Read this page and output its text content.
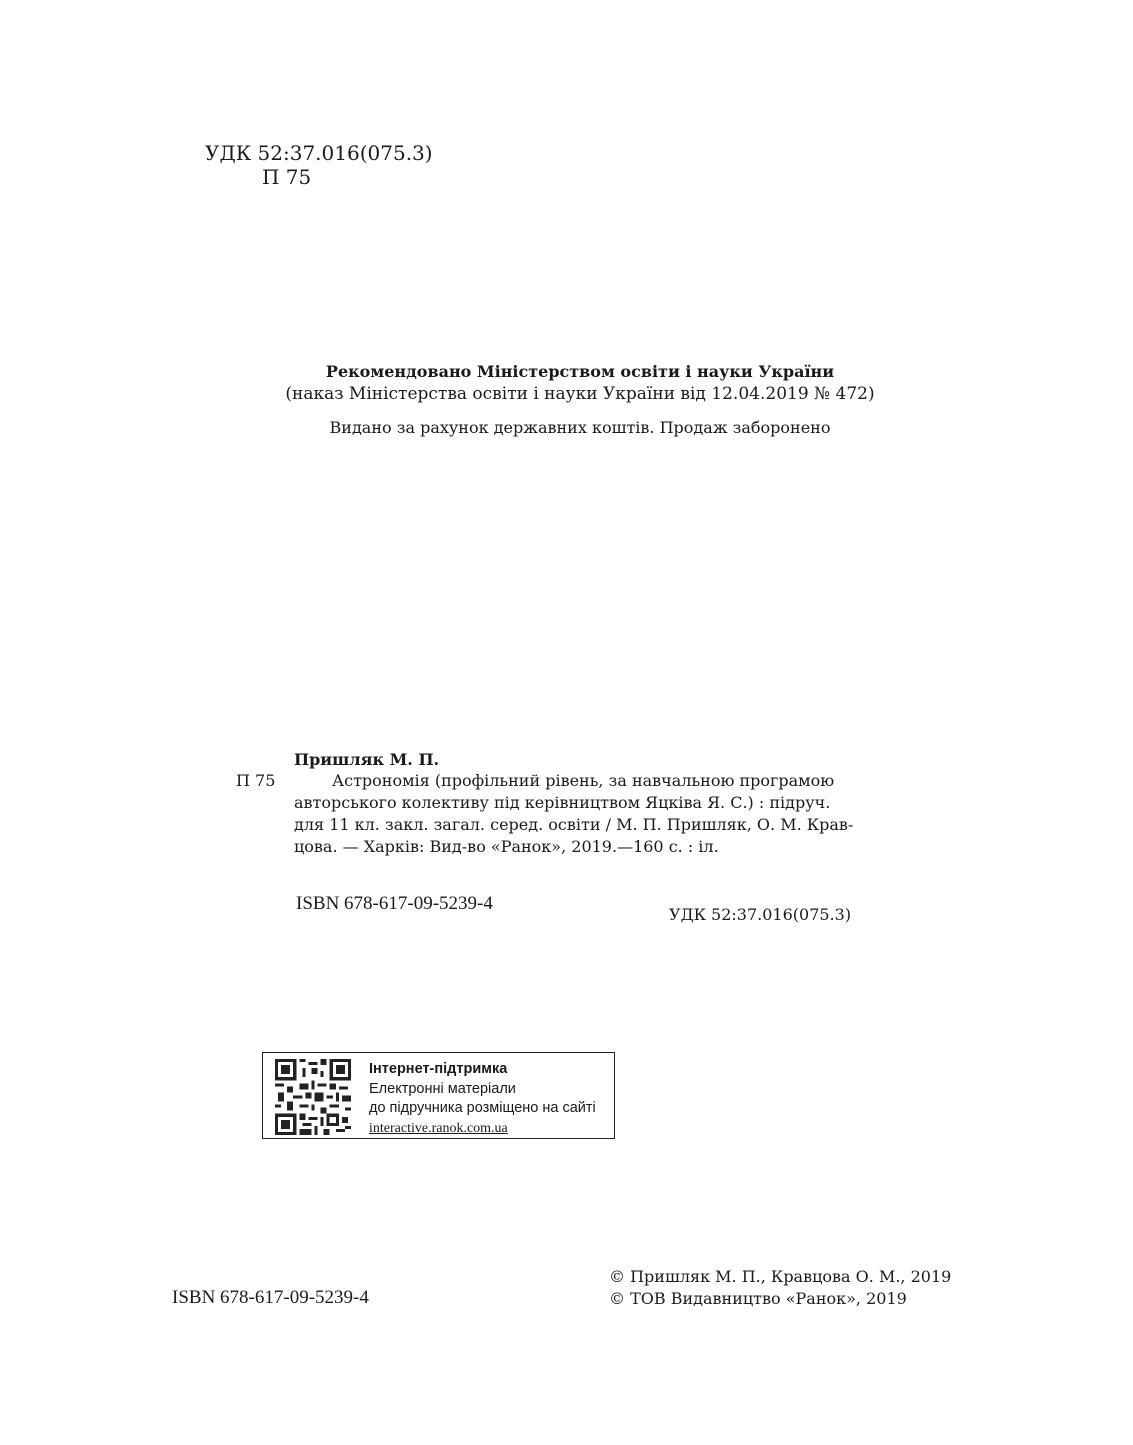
УДК 52:37.016(075.3)
П 75
Рекомендовано Міністерством освіти і науки України
(наказ Міністерства освіти і науки України від 12.04.2019 № 472)
Видано за рахунок державних коштів. Продаж заборонено
Пришляк М. П.
П 75	Астрономія (профільний рівень, за навчальною програмою
авторського колективу під керівництвом Яцківа Я. С.) : підруч.
для 11 кл. закл. загал. серед. освіти / М. П. Пришляк, О. М. Крав-
цова. — Харків: Вид-во «Ранок», 2019.—160 с. : іл.
ISBN 678-617-09-5239-4
УДК 52:37.016(075.3)
Інтернет-підтримка
Електронні матеріали
до підручника розміщено на сайті
interactive.ranok.com.ua
ISBN 678-617-09-5239-4
© Пришляк М. П., Кравцова О. М., 2019
© ТОВ Видавництво «Ранок», 2019
